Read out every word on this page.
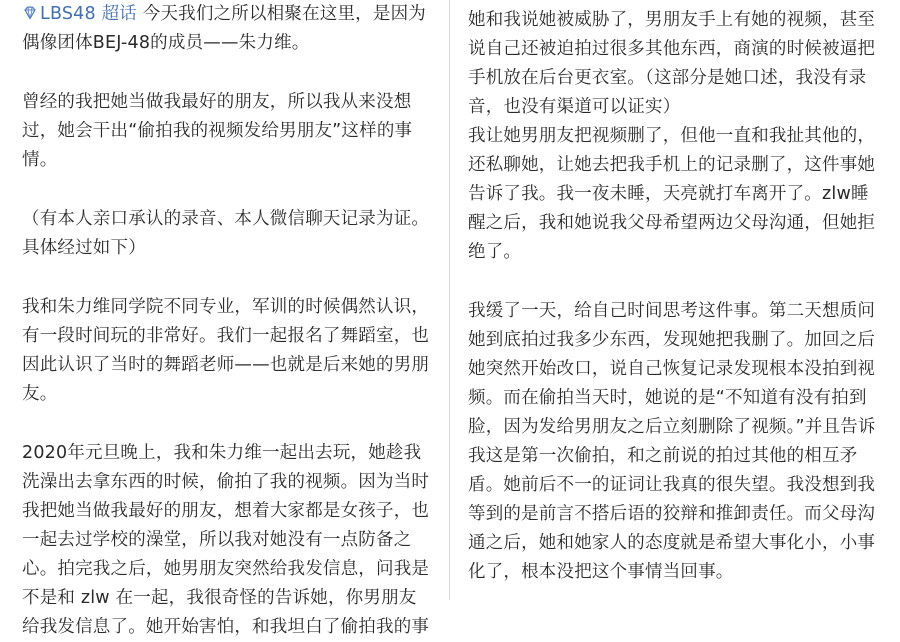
LBS48 超话 今天我们之所以相聚在这里，是因为偶像团体BEJ-48的成员——朱力维。

曾经的我把她当做我最好的朋友，所以我从来没想过，她会干出“偷拍我的视频发给男朋友”这样的事情。

（有本人亲口承认的录音、本人微信聊天记录为证。具体经过如下）

我和朱力维同学院不同专业，军训的时候偶然认识，有一段时间玩的非常好。我们一起报名了舞蹈室，也因此认识了当时的舞蹈老师——也就是后来她的男朋友。

2020年元旦晚上，我和朱力维一起出去玩，她趁我洗澡出去拿东西的时候，偷拍了我的视频。因为当时我把她当做我最好的朋友，想着大家都是女孩子，也一起去过学校的澡堂，所以我对她没有一点防备之心。拍完我之后，她男朋友突然给我发信息，问我是不是和 zlw 在一起，我很奇怪的告诉她，你男朋友给我发信息了。她开始害怕，和我坦白了偷拍我的事

她和我说她被威胁了，男朋友手上有她的视频，甚至说自己还被迫拍过很多其他东西，商演的时候被逼把手机放在后台更衣室。（这部分是她口述，我没有录音，也没有渠道可以证实）

我让她男朋友把视频删了，但他一直和我扯其他的，还私聊她，让她去把我手机上的记录删了，这件事她告诉了我。我一夜未睡，天亮就打车离开了。zlw睡醒之后，我和她说我父母希望两边父母沟通，但她拒绝了。

我缓了一天，给自己时间思考这件事。第二天想质问她到底拍过我多少东西，发现她把我删了。加回之后她突然开始改口，说自己恢复记录发现根本没拍到视频。而在偷拍当天时，她说的是“不知道有没有拍到脸，因为发给男朋友之后立刻删除了视频。”并且告诉我这是第一次偷拍，和之前说的拍过其他的相互矛盾。她前后不一的证词让我真的很失望。我没想到我等到的是前言不搭后语的狡辩和推卸责任。而父母沟通之后，她和她家人的态度就是希望大事化小，小事化了，根本没把这个事情当回事。
